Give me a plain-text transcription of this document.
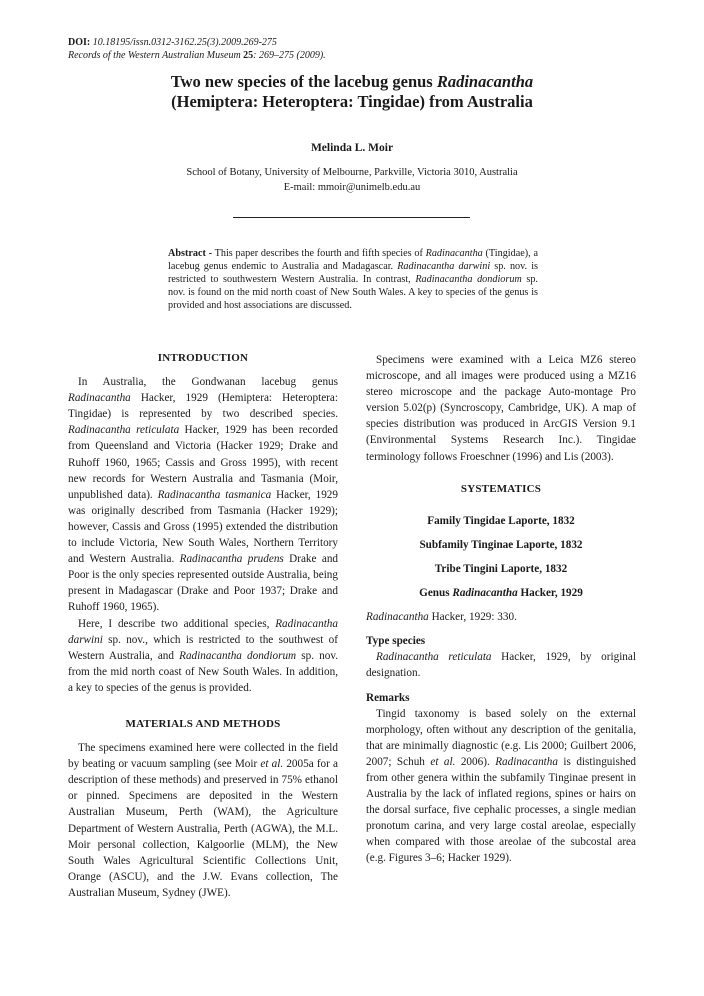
DOI: 10.18195/issn.0312-3162.25(3).2009.269-275
Records of the Western Australian Museum 25: 269–275 (2009).
Two new species of the lacebug genus Radinacantha
(Hemiptera: Heteroptera: Tingidae) from Australia
Melinda L. Moir
School of Botany, University of Melbourne, Parkville, Victoria 3010, Australia
E-mail: mmoir@unimelb.edu.au
Abstract - This paper describes the fourth and fifth species of Radinacantha (Tingidae), a lacebug genus endemic to Australia and Madagascar. Radinacantha darwini sp. nov. is restricted to southwestern Western Australia. In contrast, Radinacantha dondiorum sp. nov. is found on the mid north coast of New South Wales. A key to species of the genus is provided and host associations are discussed.
INTRODUCTION

In Australia, the Gondwanan lacebug genus Radinacantha Hacker, 1929 (Hemiptera: Heteroptera: Tingidae) is represented by two described species. Radinacantha reticulata Hacker, 1929 has been recorded from Queensland and Victoria (Hacker 1929; Drake and Ruhoff 1960, 1965; Cassis and Gross 1995), with recent new records for Western Australia and Tasmania (Moir, unpublished data). Radinacantha tasmanica Hacker, 1929 was originally described from Tasmania (Hacker 1929); however, Cassis and Gross (1995) extended the distribution to include Victoria, New South Wales, Northern Territory and Western Australia. Radinacantha prudens Drake and Poor is the only species represented outside Australia, being present in Madagascar (Drake and Poor 1937; Drake and Ruhoff 1960, 1965).

Here, I describe two additional species, Radinacantha darwini sp. nov., which is restricted to the southwest of Western Australia, and Radinacantha dondiorum sp. nov. from the mid north coast of New South Wales. In addition, a key to species of the genus is provided.

MATERIALS AND METHODS

The specimens examined here were collected in the field by beating or vacuum sampling (see Moir et al. 2005a for a description of these methods) and preserved in 75% ethanol or pinned. Specimens are deposited in the Western Australian Museum, Perth (WAM), the Agriculture Department of Western Australia, Perth (AGWA), the M.L. Moir personal collection, Kalgoorlie (MLM), the New South Wales Agricultural Scientific Collections Unit, Orange (ASCU), and the J.W. Evans collection, The Australian Museum, Sydney (JWE).

Specimens were examined with a Leica MZ6 stereo microscope, and all images were produced using a MZ16 stereo microscope and the package Auto-montage Pro version 5.02(p) (Syncroscopy, Cambridge, UK). A map of species distribution was produced in ArcGIS Version 9.1 (Environmental Systems Research Inc.). Tingidae terminology follows Froeschner (1996) and Lis (2003).

SYSTEMATICS
Family Tingidae Laporte, 1832
Subfamily Tinginae Laporte, 1832
Tribe Tingini Laporte, 1832
Genus Radinacantha Hacker, 1929
Radinacantha Hacker, 1929: 330.
Type species

Radinacantha reticulata Hacker, 1929, by original designation.

Remarks

Tingid taxonomy is based solely on the external morphology, often without any description of the genitalia, that are minimally diagnostic (e.g. Lis 2000; Guilbert 2006, 2007; Schuh et al. 2006). Radinacantha is distinguished from other genera within the subfamily Tinginae present in Australia by the lack of inflated regions, spines or hairs on the dorsal surface, five cephalic processes, a single median pronotum carina, and very large costal areolae, especially when compared with those areolae of the subcostal area (e.g. Figures 3–6; Hacker 1929).
